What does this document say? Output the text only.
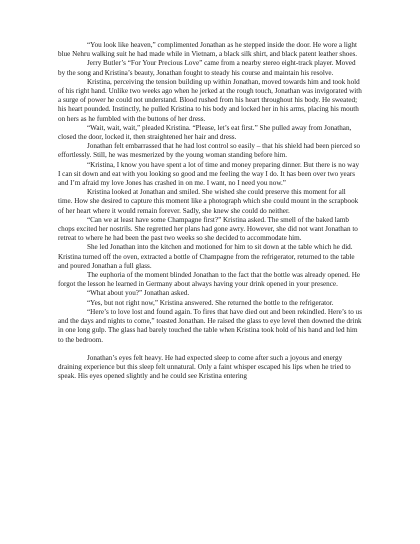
“You look like heaven,” complimented Jonathan as he stepped inside the door. He wore a light blue Nehru walking suit he had made while in Vietnam, a black silk shirt, and black patent leather shoes.

Jerry Butler’s “For Your Precious Love” came from a nearby stereo eight-track player. Moved by the song and Kristina’s beauty, Jonathan fought to steady his course and maintain his resolve.

Kristina, perceiving the tension building up within Jonathan, moved towards him and took hold of his right hand. Unlike two weeks ago when he jerked at the rough touch, Jonathan was invigorated with a surge of power he could not understand. Blood rushed from his heart throughout his body. He sweated; his heart pounded. Instinctly, he pulled Kristina to his body and locked her in his arms, placing his mouth on hers as he fumbled with the buttons of her dress.

“Wait, wait, wait,” pleaded Kristina. “Please, let’s eat first.” She pulled away from Jonathan, closed the door, locked it, then straightened her hair and dress.

Jonathan felt embarrassed that he had lost control so easily – that his shield had been pierced so effortlessly. Still, he was mesmerized by the young woman standing before him.

“Kristina, I know you have spent a lot of time and money preparing dinner. But there is no way I can sit down and eat with you looking so good and me feeling the way I do. It has been over two years and I’m afraid my love Jones has crashed in on me. I want, no I need you now.”

Kristina looked at Jonathan and smiled. She wished she could preserve this moment for all time. How she desired to capture this moment like a photograph which she could mount in the scrapbook of her heart where it would remain forever. Sadly, she knew she could do neither.

“Can we at least have some Champagne first?” Kristina asked. The smell of the baked lamb chops excited her nostrils. She regretted her plans had gone awry. However, she did not want Jonathan to retreat to where he had been the past two weeks so she decided to accommodate him.

She led Jonathan into the kitchen and motioned for him to sit down at the table which he did. Kristina turned off the oven, extracted a bottle of Champagne from the refrigerator, returned to the table and poured Jonathan a full glass.

The euphoria of the moment blinded Jonathan to the fact that the bottle was already opened. He forgot the lesson he learned in Germany about always having your drink opened in your presence.

“What about you?” Jonathan asked.

“Yes, but not right now,” Kristina answered. She returned the bottle to the refrigerator.

“Here’s to love lost and found again. To fires that have died out and been rekindled. Here’s to us and the days and nights to come,” toasted Jonathan. He raised the glass to eye level then downed the drink in one long gulp. The glass had barely touched the table when Kristina took hold of his hand and led him to the bedroom.

Jonathan’s eyes felt heavy. He had expected sleep to come after such a joyous and energy draining experience but this sleep felt unnatural. Only a faint whisper escaped his lips when he tried to speak. His eyes opened slightly and he could see Kristina entering
